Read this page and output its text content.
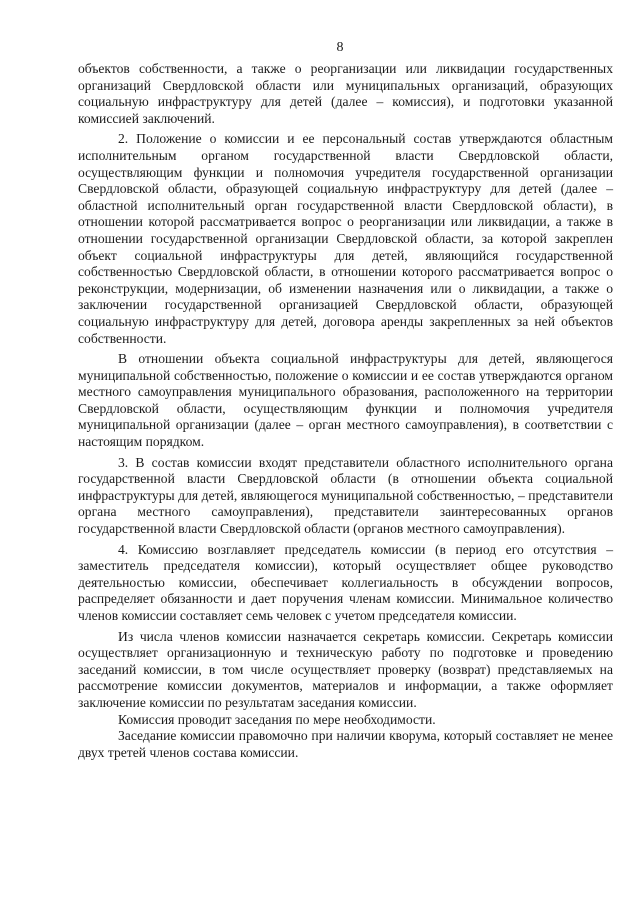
8

объектов собственности, а также о реорганизации или ликвидации государственных организаций Свердловской области или муниципальных организаций, образующих социальную инфраструктуру для детей (далее – комиссия), и подготовки указанной комиссией заключений.

2. Положение о комиссии и ее персональный состав утверждаются областным исполнительным органом государственной власти Свердловской области, осуществляющим функции и полномочия учредителя государственной организации Свердловской области, образующей социальную инфраструктуру для детей (далее – областной исполнительный орган государственной власти Свердловской области), в отношении которой рассматривается вопрос о реорганизации или ликвидации, а также в отношении государственной организации Свердловской области, за которой закреплен объект социальной инфраструктуры для детей, являющийся государственной собственностью Свердловской области, в отношении которого рассматривается вопрос о реконструкции, модернизации, об изменении назначения или о ликвидации, а также о заключении государственной организацией Свердловской области, образующей социальную инфраструктуру для детей, договора аренды закрепленных за ней объектов собственности.

В отношении объекта социальной инфраструктуры для детей, являющегося муниципальной собственностью, положение о комиссии и ее состав утверждаются органом местного самоуправления муниципального образования, расположенного на территории Свердловской области, осуществляющим функции и полномочия учредителя муниципальной организации (далее – орган местного самоуправления), в соответствии с настоящим порядком.

3. В состав комиссии входят представители областного исполнительного органа государственной власти Свердловской области (в отношении объекта социальной инфраструктуры для детей, являющегося муниципальной собственностью, – представители органа местного самоуправления), представители заинтересованных органов государственной власти Свердловской области (органов местного самоуправления).

4. Комиссию возглавляет председатель комиссии (в период его отсутствия – заместитель председателя комиссии), который осуществляет общее руководство деятельностью комиссии, обеспечивает коллегиальность в обсуждении вопросов, распределяет обязанности и дает поручения членам комиссии. Минимальное количество членов комиссии составляет семь человек с учетом председателя комиссии.

Из числа членов комиссии назначается секретарь комиссии. Секретарь комиссии осуществляет организационную и техническую работу по подготовке и проведению заседаний комиссии, в том числе осуществляет проверку (возврат) представляемых на рассмотрение комиссии документов, материалов и информации, а также оформляет заключение комиссии по результатам заседания комиссии.

Комиссия проводит заседания по мере необходимости.

Заседание комиссии правомочно при наличии кворума, который составляет не менее двух третей членов состава комиссии.
